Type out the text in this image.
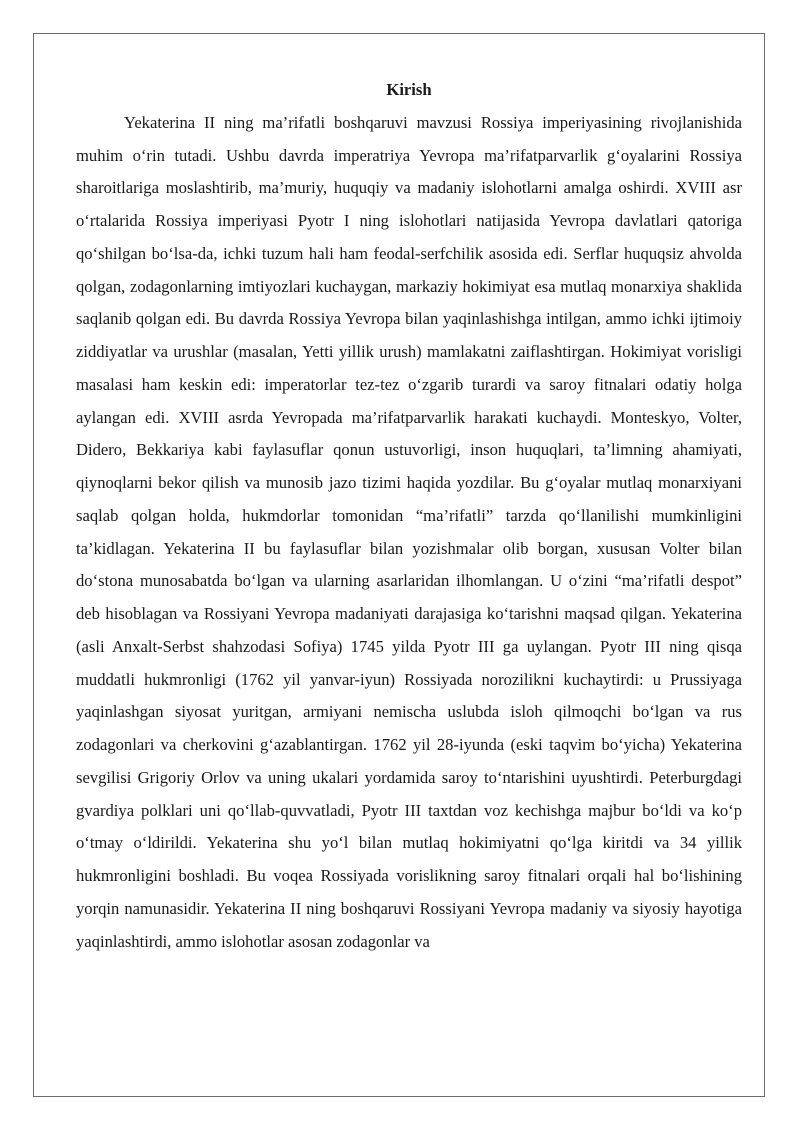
Kirish

Yekaterina II ning ma’rifatli boshqaruvi mavzusi Rossiya imperiyasining rivojlanishida muhim o‘rin tutadi. Ushbu davrda imperatriya Yevropa ma’rifatparvarlik g‘oyalarini Rossiya sharoitlariga moslashtirib, ma’muriy, huquqiy va madaniy islohotlarni amalga oshirdi. XVIII asr o‘rtalarida Rossiya imperiyasi Pyotr I ning islohotlari natijasida Yevropa davlatlari qatoriga qo‘shilgan bo‘lsa-da, ichki tuzum hali ham feodal-serfchilik asosida edi. Serflar huquqsiz ahvolda qolgan, zodagonlarning imtiyozlari kuchaygan, markaziy hokimiyat esa mutlaq monarxiya shaklida saqlanib qolgan edi. Bu davrda Rossiya Yevropa bilan yaqinlashishga intilgan, ammo ichki ijtimoiy ziddiyatlar va urushlar (masalan, Yetti yillik urush) mamlakatni zaiflashtirgan. Hokimiyat vorisligi masalasi ham keskin edi: imperatorlar tez-tez o‘zgarib turardi va saroy fitnalari odatiy holga aylangan edi. XVIII asrda Yevropada ma’rifatparvarlik harakati kuchaydi. Monteskyo, Volter, Didero, Bekkariya kabi faylasuflar qonun ustuvorligi, inson huquqlari, ta’limning ahamiyati, qiynoqlarni bekor qilish va munosib jazo tizimi haqida yozdilar. Bu g‘oyalar mutlaq monarxiyani saqlab qolgan holda, hukmdorlar tomonidan “ma’rifatli” tarzda qo‘llanilishi mumkinligini ta’kidlagan. Yekaterina II bu faylasuflar bilan yozishmalar olib borgan, xususan Volter bilan do‘stona munosabatda bo‘lgan va ularning asarlaridan ilhomlangan. U o‘zini “ma’rifatli despot” deb hisoblagan va Rossiyani Yevropa madaniyati darajasiga ko‘tarishni maqsad qilgan. Yekaterina (asli Anxalt-Serbst shahzodasi Sofiya) 1745 yilda Pyotr III ga uylangan. Pyotr III ning qisqa muddatli hukmronligi (1762 yil yanvar-iyun) Rossiyada norozilikni kuchaytirdi: u Prussiyaga yaqinlashgan siyosat yuritgan, armiyani nemischa uslubda isloh qilmoqchi bo‘lgan va rus zodagonlari va cherkovini g‘azablantirgan. 1762 yil 28-iyunda (eski taqvim bo‘yicha) Yekaterina sevgilisi Grigoriy Orlov va uning ukalari yordamida saroy to‘ntarishini uyushtirdi. Peterburgdagi gvardiya polklari uni qo‘llab-quvvatladi, Pyotr III taxtdan voz kechishga majbur bo‘ldi va ko‘p o‘tmay o‘ldirildi. Yekaterina shu yo‘l bilan mutlaq hokimiyatni qo‘lga kiritdi va 34 yillik hukmronligini boshladi. Bu voqea Rossiyada vorislikning saroy fitnalari orqali hal bo‘lishining yorqin namunasidir. Yekaterina II ning boshqaruvi Rossiyani Yevropa madaniy va siyosiy hayotiga yaqinlashtirdi, ammo islohotlar asosan zodagonlar va
